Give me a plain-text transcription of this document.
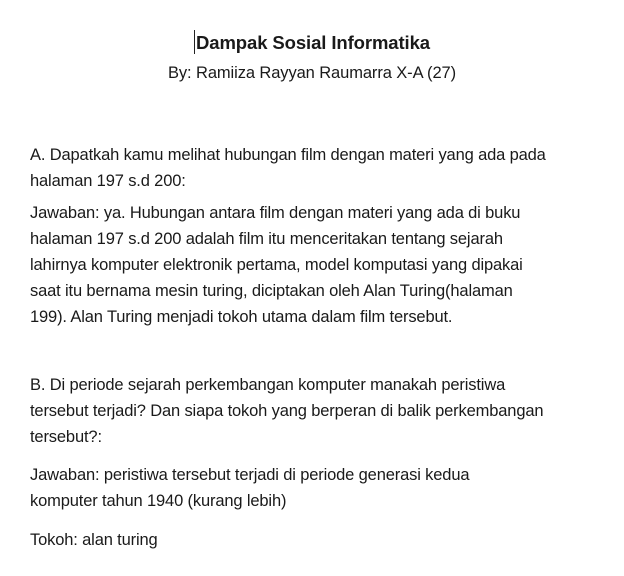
Dampak Sosial Informatika
By: Ramiiza Rayyan Raumarra X-A (27)

A. Dapatkah kamu melihat hubungan film dengan materi yang ada pada
halaman 197 s.d 200:

Jawaban: ya. Hubungan antara film dengan materi yang ada di buku
halaman 197 s.d 200 adalah film itu menceritakan tentang sejarah
lahirnya komputer elektronik pertama, model komputasi yang dipakai
saat itu bernama mesin turing, diciptakan oleh Alan Turing(halaman
199). Alan Turing menjadi tokoh utama dalam film tersebut.

B. Di periode sejarah perkembangan komputer manakah peristiwa
tersebut terjadi? Dan siapa tokoh yang berperan di balik perkembangan
tersebut?:

Jawaban: peristiwa tersebut terjadi di periode generasi kedua
komputer tahun 1940 (kurang lebih)

Tokoh: alan turing
